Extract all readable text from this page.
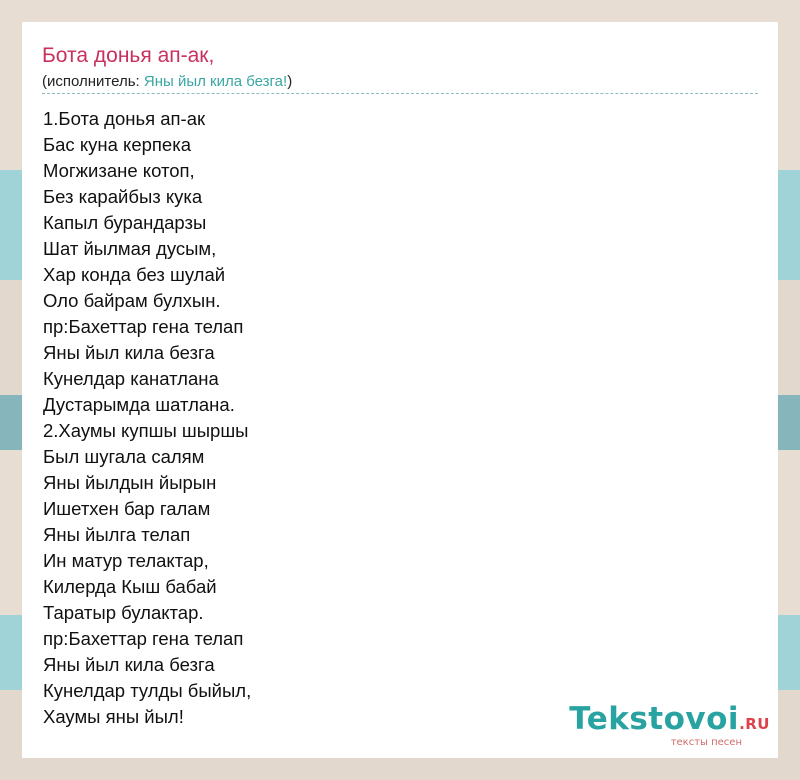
Бота донья ап-ак,
(исполнитель: Яны йыл кила безга!)
1.Бота донья ап-ак
Бас куна керпека
Могжизане котоп,
Без карайбыз кука
Капыл бурандарзы
Шат йылмая дусым,
Хар конда без шулай
Оло байрам булхын.
пр:Бахеттар гена телап
Яны йыл кила безга
Кунелдар канатлана
Дустарымда шатлана.
2.Хаумы купшы шыршы
Был шугала салям
Яны йылдын йырын
Ишетхен бар галам
Яны йылга телап
Ин матур телактар,
Килерда Кыш бабай
Таратыр булактар.
пр:Бахеттар гена телап
Яны йыл кила безга
Кунелдар тулды быйыл,
Хаумы яны йыл!	Tekstovoi.RU
тексты песен
